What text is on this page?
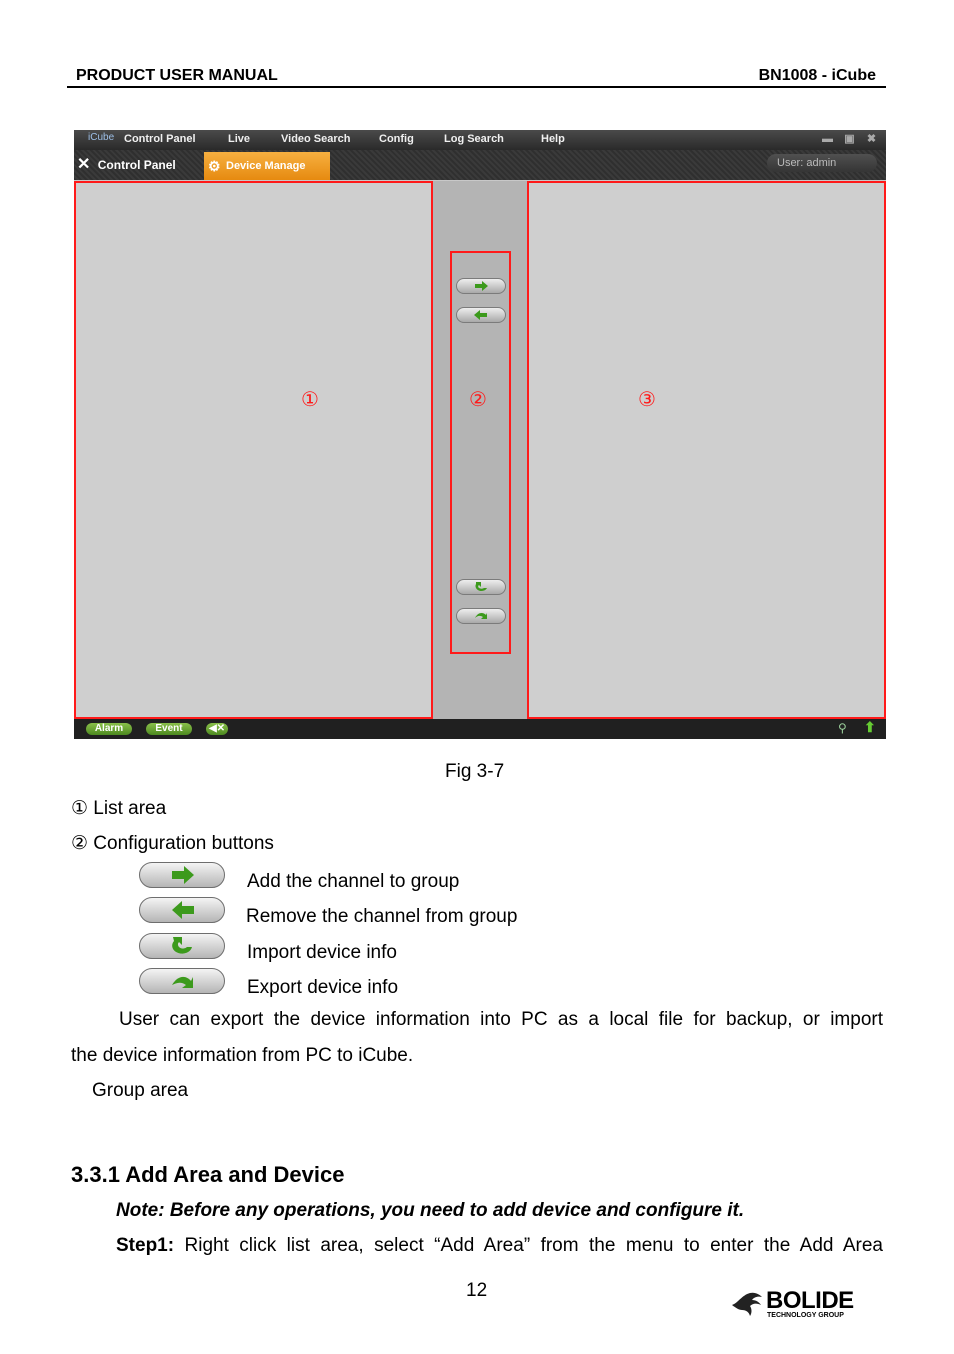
PRODUCT USER MANUAL	BN1008 - iCube
iCube Control Panel	Live	Video Search	Config	Log Search	Help	▬ ▣ ✖
✕ Control Panel ⚙ Device Manage	User: admin
①	②	③
Alarm	Event	◀✕	⚲ ⬆
Fig 3-7
① List area
② Configuration buttons
Add the channel to group
Remove the channel from group
Import device info
Export device info
User can export the device information into PC as a local file for backup, or import
the device information from PC to iCube.
Group area
3.3.1 Add Area and Device
Note: Before any operations, you need to add device and configure it.
Step1: Right click list area, select “Add Area” from the menu to enter the Add Area
12	BOLIDE
TECHNOLOGY GROUP
